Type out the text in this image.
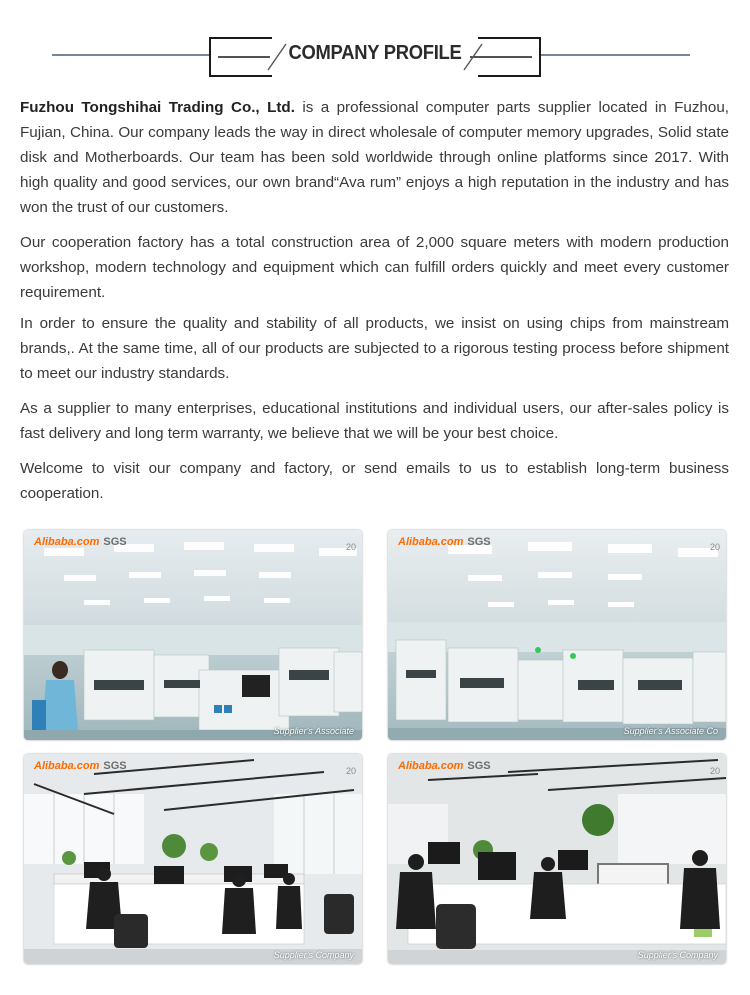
COMPANY PROFILE

Fuzhou Tongshihai Trading Co., Ltd. is a professional computer parts supplier located in Fuzhou, Fujian, China. Our company leads the way in direct wholesale of computer memory upgrades, Solid state disk and Motherboards. Our team has been sold worldwide through online platforms since 2017. With high quality and good services, our own brand“Ava rum” enjoys a high reputation in the industry and has won the trust of our customers.

Our cooperation factory has a total construction area of 2,000 square meters with modern production workshop, modern technology and equipment which can fulfill orders quickly and meet every customer requirement.

In order to ensure the quality and stability of all products, we insist on using chips from mainstream brands,. At the same time, all of our products are subjected to a rigorous testing process before shipment to meet our industry standards.

As a supplier to many enterprises, educational institutions and individual users, our after-sales policy is fast delivery and long term warranty, we believe that we will be your best choice.

Welcome to visit our company and factory, or send emails to us to establish long-term business cooperation.

Alibaba.com SGS	20
Supplier's Associate
Alibaba.com SGS	20
Supplier's Associate Co
Alibaba.com SGS	20
Supplier's Company
Alibaba.com SGS	20
Supplier's Company
